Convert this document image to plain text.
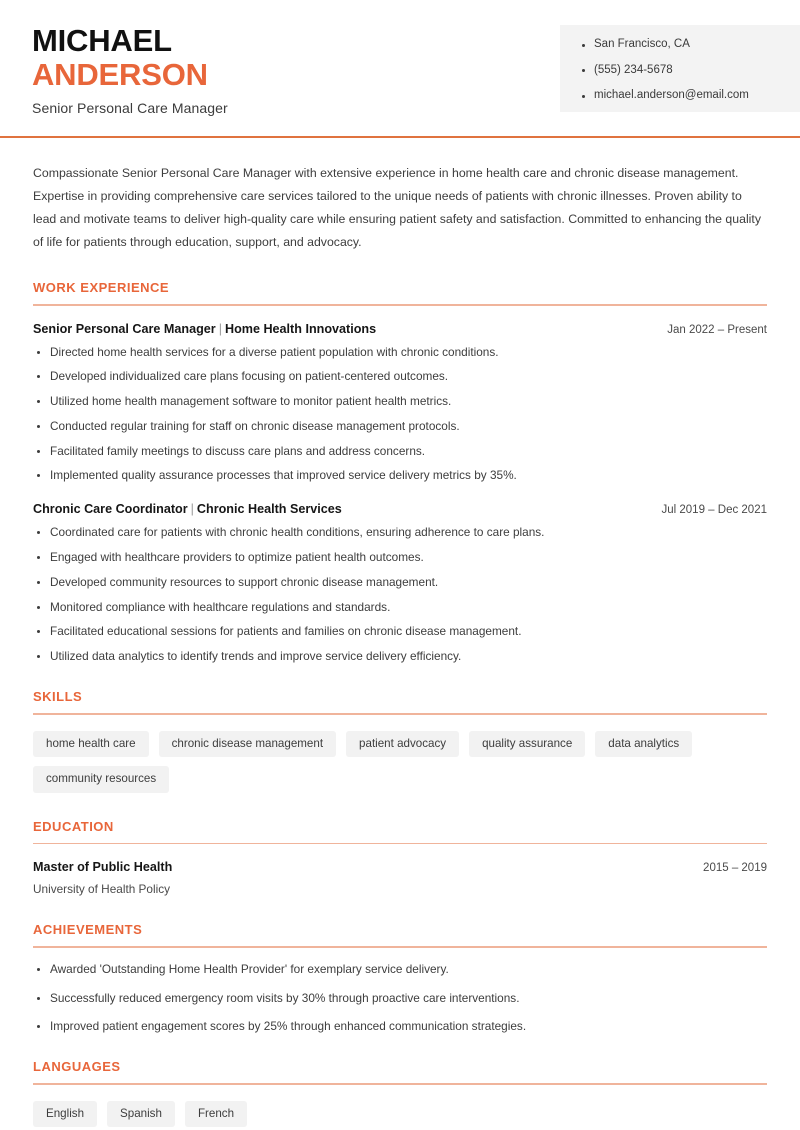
San Francisco, CA
(555) 234-5678
michael.anderson@email.com
MICHAEL
ANDERSON
Senior Personal Care Manager

Compassionate Senior Personal Care Manager with extensive experience in home health care and chronic disease management. Expertise in providing comprehensive care services tailored to the unique needs of patients with chronic illnesses. Proven ability to lead and motivate teams to deliver high-quality care while ensuring patient safety and satisfaction. Committed to enhancing the quality of life for patients through education, support, and advocacy.

WORK EXPERIENCE
Senior Personal Care Manager | Home Health Innovations	Jan 2022 – Present
Directed home health services for a diverse patient population with chronic conditions.
Developed individualized care plans focusing on patient-centered outcomes.
Utilized home health management software to monitor patient health metrics.
Conducted regular training for staff on chronic disease management protocols.
Facilitated family meetings to discuss care plans and address concerns.
Implemented quality assurance processes that improved service delivery metrics by 35%.
Chronic Care Coordinator | Chronic Health Services	Jul 2019 – Dec 2021
Coordinated care for patients with chronic health conditions, ensuring adherence to care plans.
Engaged with healthcare providers to optimize patient health outcomes.
Developed community resources to support chronic disease management.
Monitored compliance with healthcare regulations and standards.
Facilitated educational sessions for patients and families on chronic disease management.
Utilized data analytics to identify trends and improve service delivery efficiency.
SKILLS
home health care	chronic disease management	patient advocacy	quality assurance	data analytics
community resources
EDUCATION
Master of Public Health	2015 – 2019
University of Health Policy
ACHIEVEMENTS
Awarded 'Outstanding Home Health Provider' for exemplary service delivery.
Successfully reduced emergency room visits by 30% through proactive care interventions.
Improved patient engagement scores by 25% through enhanced communication strategies.
LANGUAGES
English	Spanish	French
